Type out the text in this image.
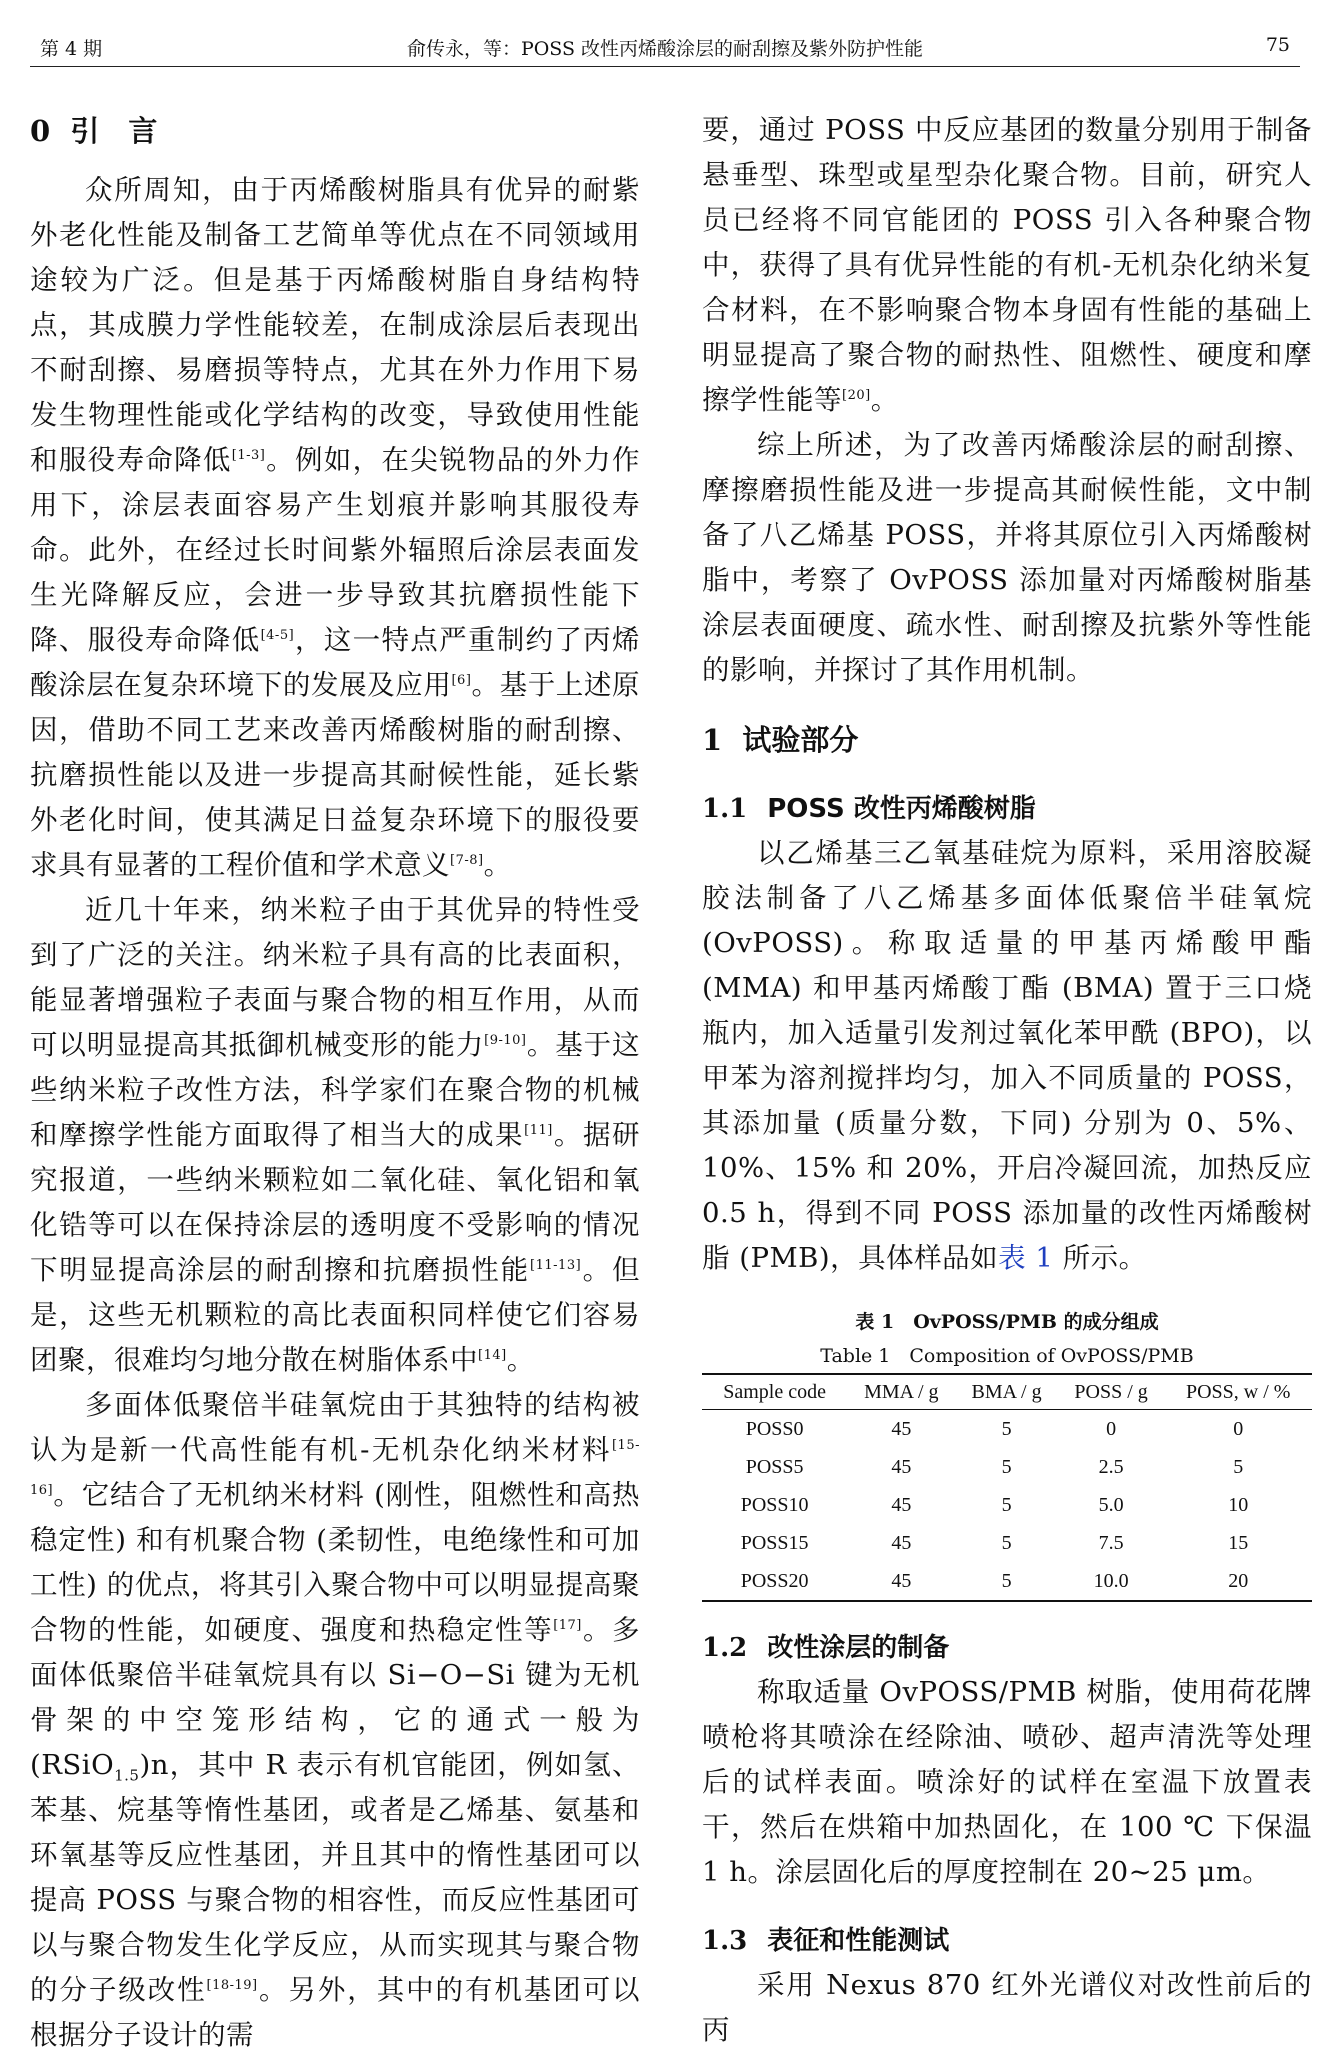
第 4 期	俞传永，等：POSS 改性丙烯酸涂层的耐刮擦及紫外防护性能	75
0 引　言

众所周知，由于丙烯酸树脂具有优异的耐紫外老化性能及制备工艺简单等优点在不同领域用途较为广泛。但是基于丙烯酸树脂自身结构特点，其成膜力学性能较差，在制成涂层后表现出不耐刮擦、易磨损等特点，尤其在外力作用下易发生物理性能或化学结构的改变，导致使用性能和服役寿命降低[1-3]。例如，在尖锐物品的外力作用下，涂层表面容易产生划痕并影响其服役寿命。此外，在经过长时间紫外辐照后涂层表面发生光降解反应，会进一步导致其抗磨损性能下降、服役寿命降低[4-5]，这一特点严重制约了丙烯酸涂层在复杂环境下的发展及应用[6]。基于上述原因，借助不同工艺来改善丙烯酸树脂的耐刮擦、抗磨损性能以及进一步提高其耐候性能，延长紫外老化时间，使其满足日益复杂环境下的服役要求具有显著的工程价值和学术意义[7-8]。

近几十年来，纳米粒子由于其优异的特性受到了广泛的关注。纳米粒子具有高的比表面积，能显著增强粒子表面与聚合物的相互作用，从而可以明显提高其抵御机械变形的能力[9-10]。基于这些纳米粒子改性方法，科学家们在聚合物的机械和摩擦学性能方面取得了相当大的成果[11]。据研究报道，一些纳米颗粒如二氧化硅、氧化铝和氧化锆等可以在保持涂层的透明度不受影响的情况下明显提高涂层的耐刮擦和抗磨损性能[11-13]。但是，这些无机颗粒的高比表面积同样使它们容易团聚，很难均匀地分散在树脂体系中[14]。

多面体低聚倍半硅氧烷由于其独特的结构被认为是新一代高性能有机-无机杂化纳米材料[15-16]。它结合了无机纳米材料 (刚性，阻燃性和高热稳定性) 和有机聚合物 (柔韧性，电绝缘性和可加工性) 的优点，将其引入聚合物中可以明显提高聚合物的性能，如硬度、强度和热稳定性等[17]。多面体低聚倍半硅氧烷具有以 Si−O−Si 键为无机骨架的中空笼形结构，它的通式一般为 (RSiO$_{1.5}$)n，其中 R 表示有机官能团，例如氢、苯基、烷基等惰性基团，或者是乙烯基、氨基和环氧基等反应性基团，并且其中的惰性基团可以提高 POSS 与聚合物的相容性，而反应性基团可以与聚合物发生化学反应，从而实现其与聚合物的分子级改性[18-19]。另外，其中的有机基团可以根据分子设计的需

要，通过 POSS 中反应基团的数量分别用于制备悬垂型、珠型或星型杂化聚合物。目前，研究人员已经将不同官能团的 POSS 引入各种聚合物中，获得了具有优异性能的有机-无机杂化纳米复合材料，在不影响聚合物本身固有性能的基础上明显提高了聚合物的耐热性、阻燃性、硬度和摩擦学性能等[20]。

综上所述，为了改善丙烯酸涂层的耐刮擦、摩擦磨损性能及进一步提高其耐候性能，文中制备了八乙烯基 POSS，并将其原位引入丙烯酸树脂中，考察了 OvPOSS 添加量对丙烯酸树脂基涂层表面硬度、疏水性、耐刮擦及抗紫外等性能的影响，并探讨了其作用机制。

1 试验部分
1.1 POSS 改性丙烯酸树脂

以乙烯基三乙氧基硅烷为原料，采用溶胶凝胶法制备了八乙烯基多面体低聚倍半硅氧烷 (OvPOSS)。称取适量的甲基丙烯酸甲酯 (MMA) 和甲基丙烯酸丁酯 (BMA) 置于三口烧瓶内，加入适量引发剂过氧化苯甲酰 (BPO)，以甲苯为溶剂搅拌均匀，加入不同质量的 POSS，其添加量 (质量分数，下同) 分别为 0、5%、10%、15% 和 20%，开启冷凝回流，加热反应 0.5 h，得到不同 POSS 添加量的改性丙烯酸树脂 (PMB)，具体样品如表 1 所示。

表 1　OvPOSS/PMB 的成分组成
Table 1　Composition of OvPOSS/PMB
Sample code	MMA / g	BMA / g	POSS / g	POSS, w / %
POSS0	45	5	0	0
POSS5	45	5	2.5	5
POSS10	45	5	5.0	10
POSS15	45	5	7.5	15
POSS20	45	5	10.0	20
1.2 改性涂层的制备

称取适量 OvPOSS/PMB 树脂，使用荷花牌喷枪将其喷涂在经除油、喷砂、超声清洗等处理后的试样表面。喷涂好的试样在室温下放置表干，然后在烘箱中加热固化，在 100 ℃ 下保温 1 h。涂层固化后的厚度控制在 20~25 μm。

1.3 表征和性能测试

采用 Nexus 870 红外光谱仪对改性前后的丙
